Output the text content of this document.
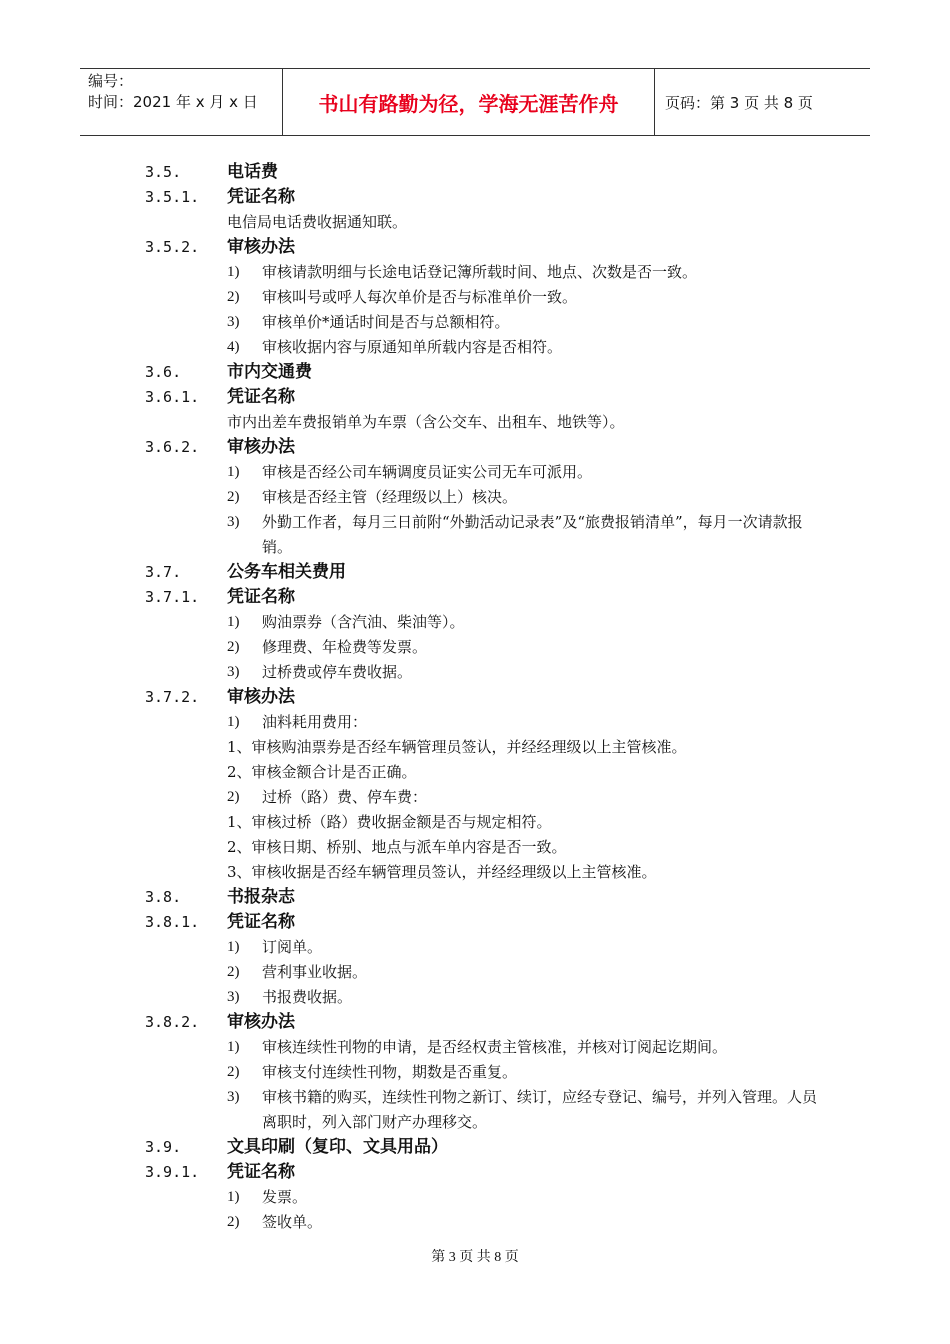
编号：
时间：2021 年 x 月 x 日	书山有路勤为径，学海无涯苦作舟	页码：第 3 页 共 8 页
3.5.	电话费
3.5.1.	凭证名称
电信局电话费收据通知联。
3.5.2.	审核办法
1)	审核请款明细与长途电话登记簿所载时间、地点、次数是否一致。
2)	审核叫号或呼人每次单价是否与标准单价一致。
3)	审核单价*通话时间是否与总额相符。
4)	审核收据内容与原通知单所载内容是否相符。
3.6.	市内交通费
3.6.1.	凭证名称
市内出差车费报销单为车票（含公交车、出租车、地铁等）。
3.6.2.	审核办法
1)	审核是否经公司车辆调度员证实公司无车可派用。
2)	审核是否经主管（经理级以上）核决。
3)	外勤工作者，每月三日前附“外勤活动记录表”及“旅费报销清单”，每月一次请款报销。
3.7.	公务车相关费用
3.7.1.	凭证名称
1)	购油票券（含汽油、柴油等）。
2)	修理费、年检费等发票。
3)	过桥费或停车费收据。
3.7.2.	审核办法
1)	油料耗用费用：
1、审核购油票券是否经车辆管理员签认，并经经理级以上主管核准。
2、审核金额合计是否正确。
2)	过桥（路）费、停车费：
1、审核过桥（路）费收据金额是否与规定相符。
2、审核日期、桥别、地点与派车单内容是否一致。
3、审核收据是否经车辆管理员签认，并经经理级以上主管核准。
3.8.	书报杂志
3.8.1.	凭证名称
1)	订阅单。
2)	营利事业收据。
3)	书报费收据。
3.8.2.	审核办法
1)	审核连续性刊物的申请，是否经权责主管核准，并核对订阅起讫期间。
2)	审核支付连续性刊物，期数是否重复。
3)	审核书籍的购买，连续性刊物之新订、续订，应经专登记、编号，并列入管理。人员离职时，列入部门财产办理移交。
3.9.	文具印刷（复印、文具用品）
3.9.1.	凭证名称
1)	发票。
2)	签收单。
第 3 页 共 8 页
